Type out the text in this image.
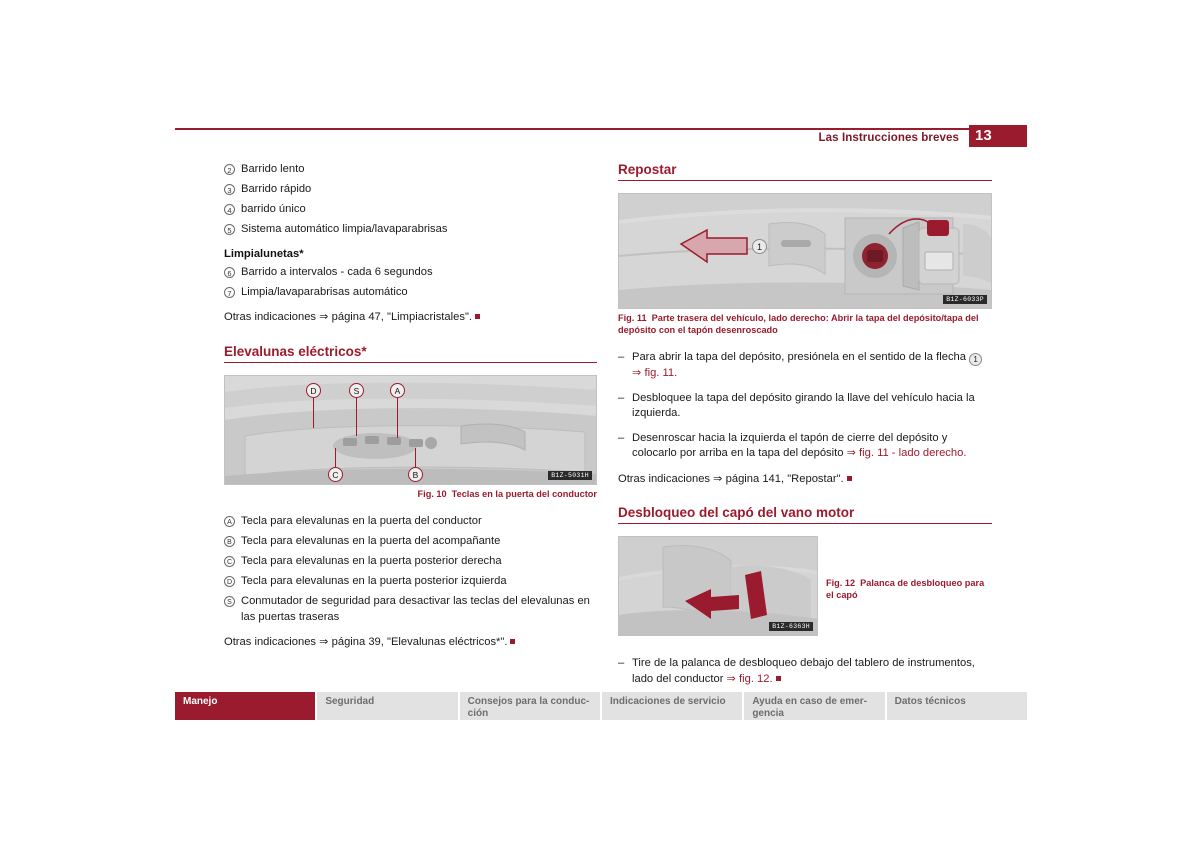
Las Instrucciones breves	13
2 Barrido lento
3 Barrido rápido
4 barrido único
5 Sistema automático limpia/lavaparabrisas
Limpialunetas*
6 Barrido a intervalos - cada 6 segundos
7 Limpia/lavaparabrisas automático
Otras indicaciones ⇒ página 47, "Limpiacristales".
Elevalunas eléctricos*
D	S	A
C	B	B1Z-5031H
Fig. 10 Teclas en la puerta del conductor
A Tecla para elevalunas en la puerta del conductor
B Tecla para elevalunas en la puerta del acompañante
C Tecla para elevalunas en la puerta posterior derecha
D Tecla para elevalunas en la puerta posterior izquierda
S Conmutador de seguridad para desactivar las teclas del elevalunas en las puertas traseras
Otras indicaciones ⇒ página 39, "Elevalunas eléctricos*".
Repostar
1
B1Z-6033P
Fig. 11 Parte trasera del vehículo, lado derecho: Abrir la tapa del depósito/tapa del depósito con el tapón desenroscado
– Para abrir la tapa del depósito, presiónela en el sentido de la flecha 1 ⇒ fig. 11.
– Desbloquee la tapa del depósito girando la llave del vehículo hacia la izquierda.
– Desenroscar hacia la izquierda el tapón de cierre del depósito y colocarlo por arriba en la tapa del depósito ⇒ fig. 11 - lado derecho.
Otras indicaciones ⇒ página 141, "Repostar".
Desbloqueo del capó del vano motor
B1Z-6363H
Fig. 12 Palanca de desbloqueo para el capó
– Tire de la palanca de desbloqueo debajo del tablero de instrumentos, lado del conductor ⇒ fig. 12.
Manejo	Seguridad	Consejos para la conduc-ción
Indicaciones de servicio	Ayuda en caso de emer-gencia
Datos técnicos
